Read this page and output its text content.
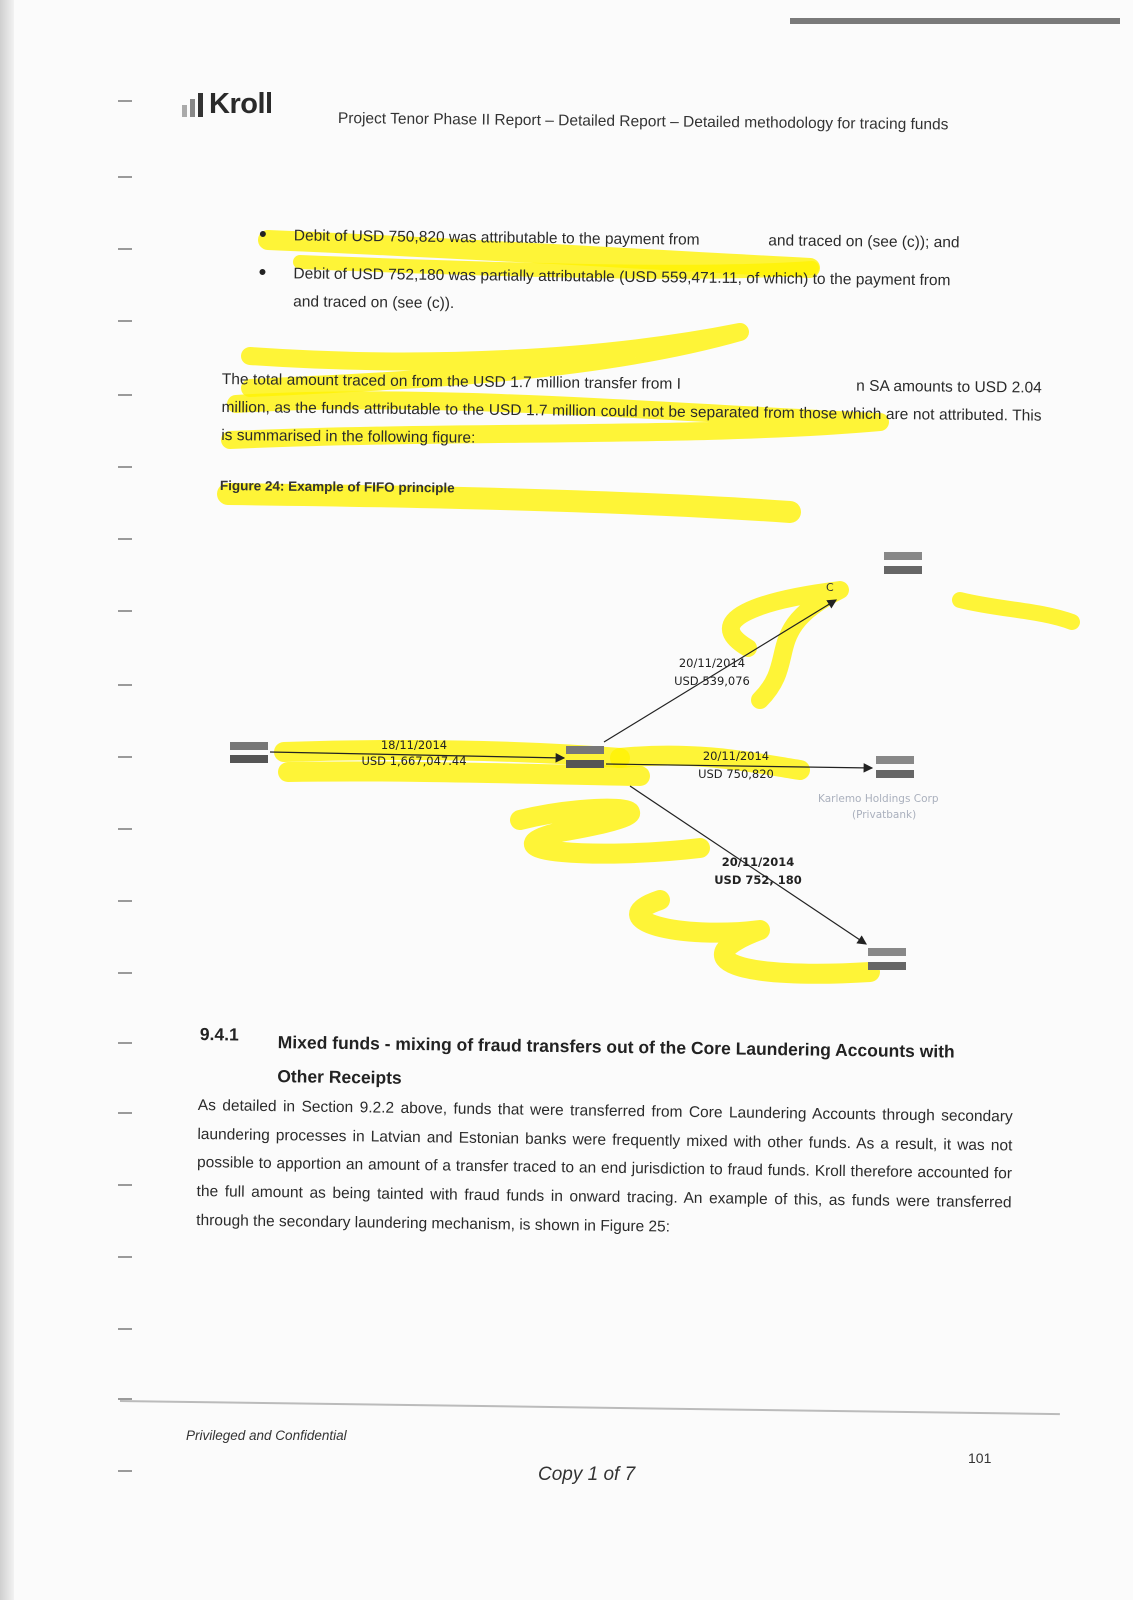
Kroll
Project Tenor Phase II Report – Detailed Report – Detailed methodology for tracing funds
Debit of USD 750,820 was attributable to the payment from	and traced on (see (c)); and
Debit of USD 752,180 was partially attributable (USD 559,471.11, of which) to the payment from  and traced on (see (c)).
The total amount traced on from the USD 1.7 million transfer from I                                        n SA amounts to USD 2.04 million, as the funds attributable to the USD 1.7 million could not be separated from those which are not attributed. This is summarised in the following figure:
Figure 24: Example of FIFO principle
18/11/2014
USD 1,667,047.44
20/11/2014
USD 539,076
20/11/2014
USD 750,820
20/11/2014
USD 752, 180
C
Karlemo Holdings Corp
(Privatbank)
9.4.1 Mixed funds - mixing of fraud transfers out of the Core Laundering Accounts with Other Receipts
As detailed in Section 9.2.2 above, funds that were transferred from Core Laundering Accounts through secondary laundering processes in Latvian and Estonian banks were frequently mixed with other funds. As a result, it was not possible to apportion an amount of a transfer traced to an end jurisdiction to fraud funds. Kroll therefore accounted for the full amount as being tainted with fraud funds in onward tracing. An example of this, as funds were transferred through the secondary laundering mechanism, is shown in Figure 25:
Privileged and Confidential
Copy 1 of 7
101
